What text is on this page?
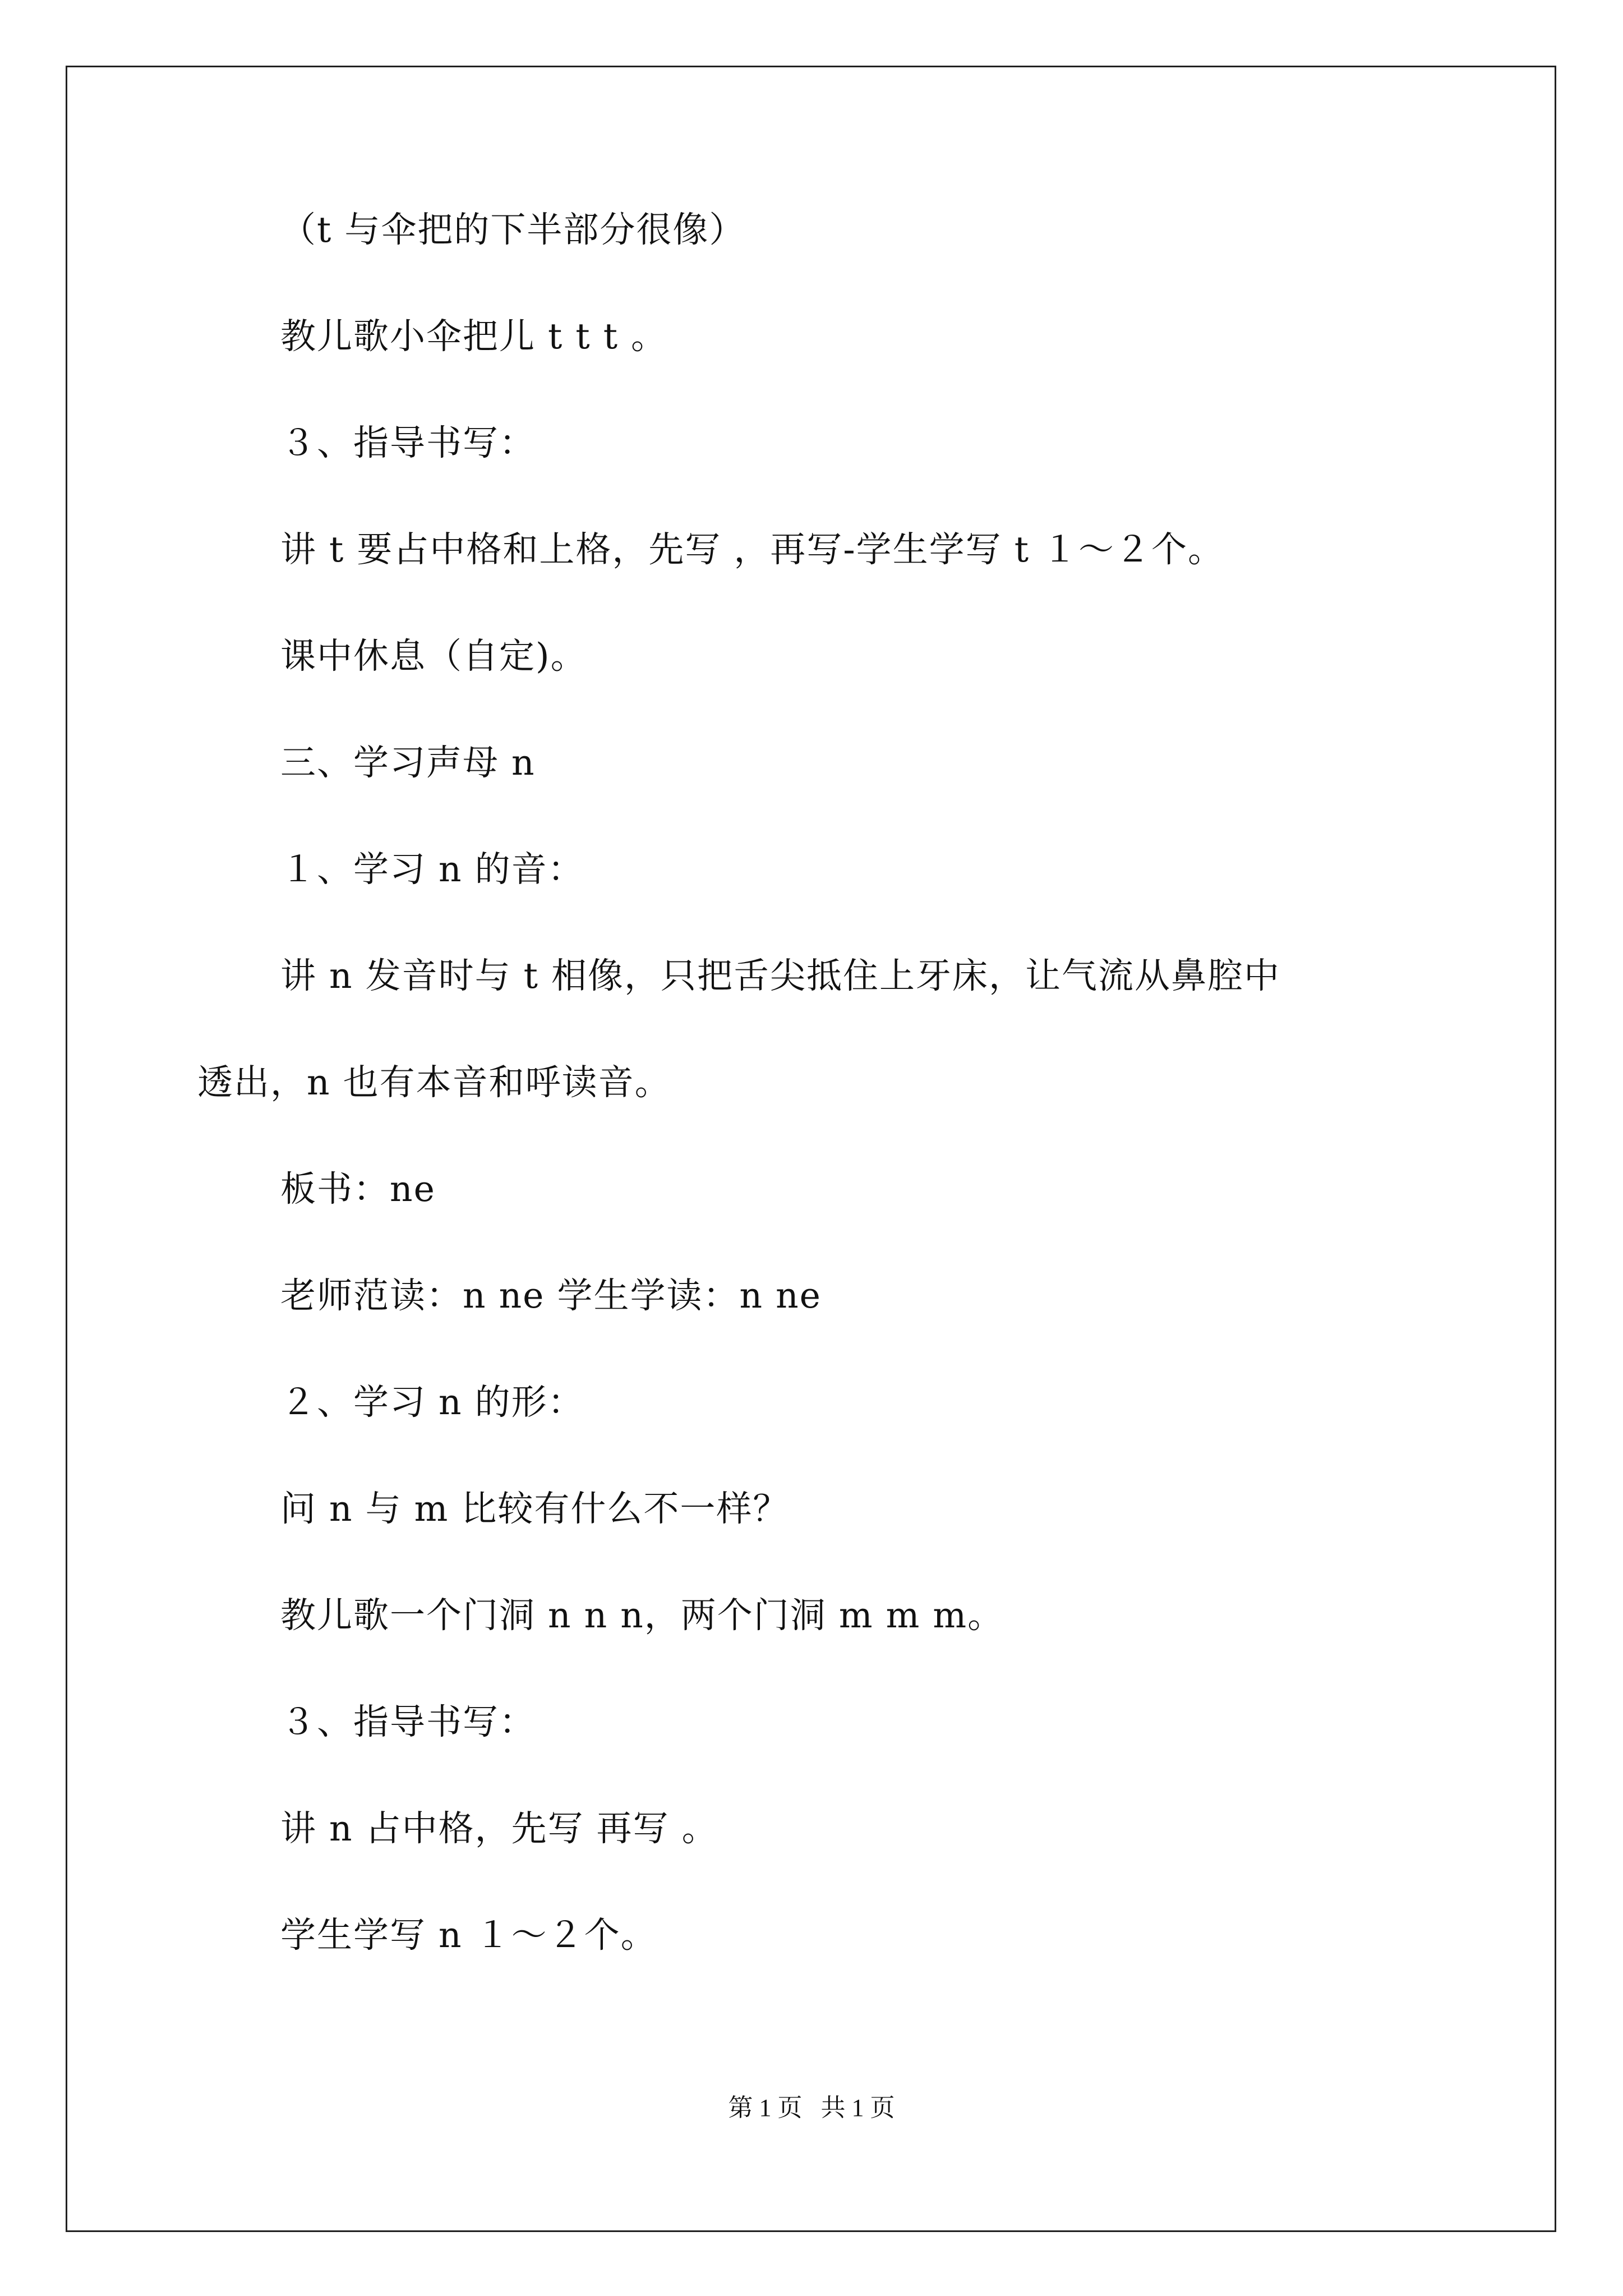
（t 与伞把的下半部分很像）

教儿歌小伞把儿 t t t 。

３、指导书写：

讲 t 要占中格和上格，先写 ，再写-学生学写 t １～２个。

课中休息（自定)。

三、学习声母 n

１、学习 n 的音：

讲 n 发音时与 t 相像，只把舌尖抵住上牙床，让气流从鼻腔中

透出，n 也有本音和呼读音。

板书：ne

老师范读：n ne 学生学读：n ne

２、学习 n 的形：

问 n 与 m 比较有什么不一样？

教儿歌一个门洞 n n n，两个门洞 m m m。

３、指导书写：

讲 n 占中格，先写 再写 。

学生学写 n １～２个。

第 1 页   共 1 页
